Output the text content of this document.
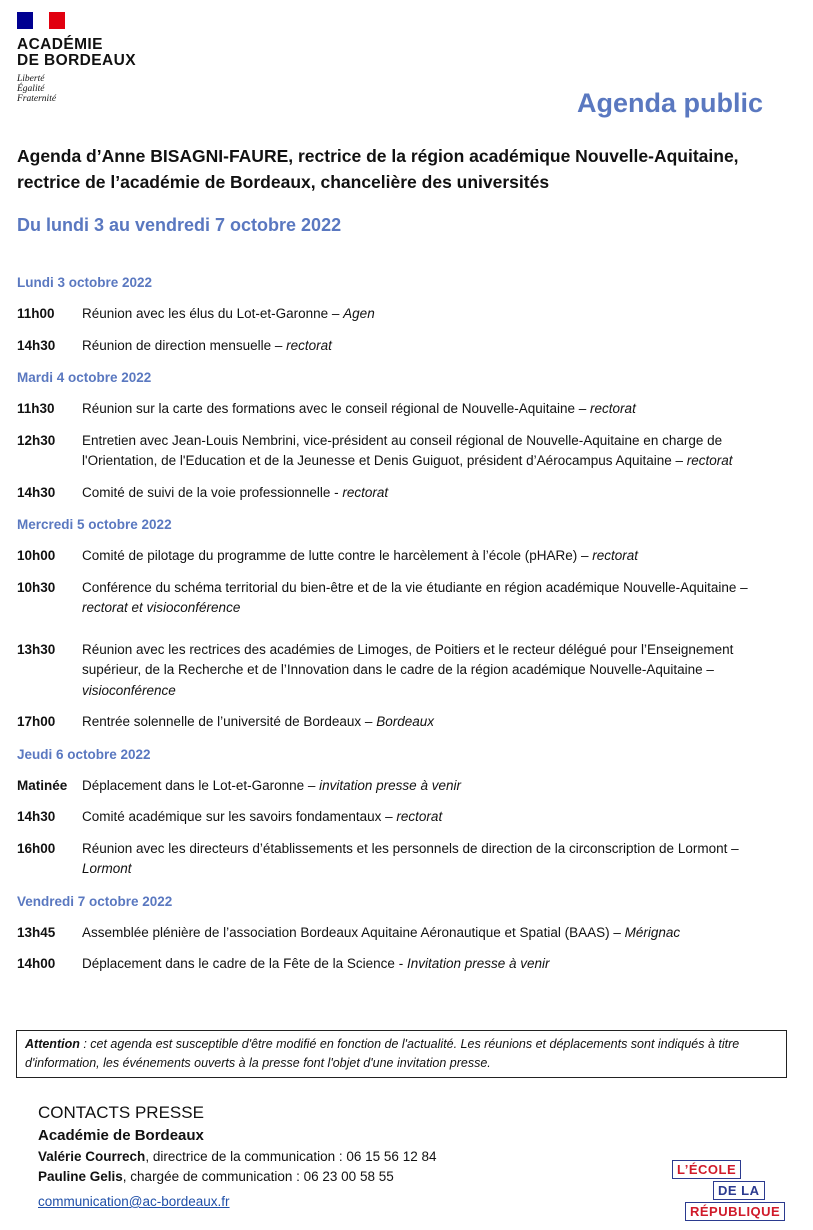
ACADÉMIE
DE BORDEAUX
Liberté
Égalité
Fraternité	Agenda public
Agenda d’Anne BISAGNI-FAURE, rectrice de la région académique Nouvelle-Aquitaine, rectrice de l’académie de Bordeaux, chancelière des universités
Du lundi 3 au vendredi 7 octobre 2022
Lundi 3 octobre 2022
11h00	Réunion avec les élus du Lot-et-Garonne – Agen
14h30	Réunion de direction mensuelle – rectorat
Mardi 4 octobre 2022
11h30	Réunion sur la carte des formations avec le conseil régional de Nouvelle-Aquitaine – rectorat
12h30	Entretien avec Jean-Louis Nembrini, vice-président au conseil régional de Nouvelle-Aquitaine en charge de l'Orientation, de l'Education et de la Jeunesse et Denis Guiguot, président d’Aérocampus Aquitaine – rectorat
14h30	Comité de suivi de la voie professionnelle - rectorat
Mercredi 5 octobre 2022
10h00	Comité de pilotage du programme de lutte contre le harcèlement à l’école (pHARe) – rectorat
10h30	Conférence du schéma territorial du bien-être et de la vie étudiante en région académique Nouvelle-Aquitaine – rectorat et visioconférence
13h30	Réunion avec les rectrices des académies de Limoges, de Poitiers et le recteur délégué pour l’Enseignement supérieur, de la Recherche et de l’Innovation dans le cadre de la région académique Nouvelle-Aquitaine – visioconférence
17h00	Rentrée solennelle de l’université de Bordeaux – Bordeaux
Jeudi 6 octobre 2022
Matinée	Déplacement dans le Lot-et-Garonne – invitation presse à venir
14h30	Comité académique sur les savoirs fondamentaux – rectorat
16h00	Réunion avec les directeurs d’établissements et les personnels de direction de la circonscription de Lormont – Lormont
Vendredi 7 octobre 2022
13h45	Assemblée plénière de l’association Bordeaux Aquitaine Aéronautique et Spatial (BAAS) – Mérignac
14h00	Déplacement dans le cadre de la Fête de la Science - Invitation presse à venir
Attention : cet agenda est susceptible d'être modifié en fonction de l'actualité. Les réunions et déplacements sont indiqués à titre d'information, les événements ouverts à la presse font l'objet d'une invitation presse.
CONTACTS PRESSE
Académie de Bordeaux
Valérie Courrech, directrice de la communication : 06 15 56 12 84
Pauline Gelis, chargée de communication : 06 23 00 58 55
communication@ac-bordeaux.fr
L’ÉCOLE
DE LA
RÉPUBLIQUE
